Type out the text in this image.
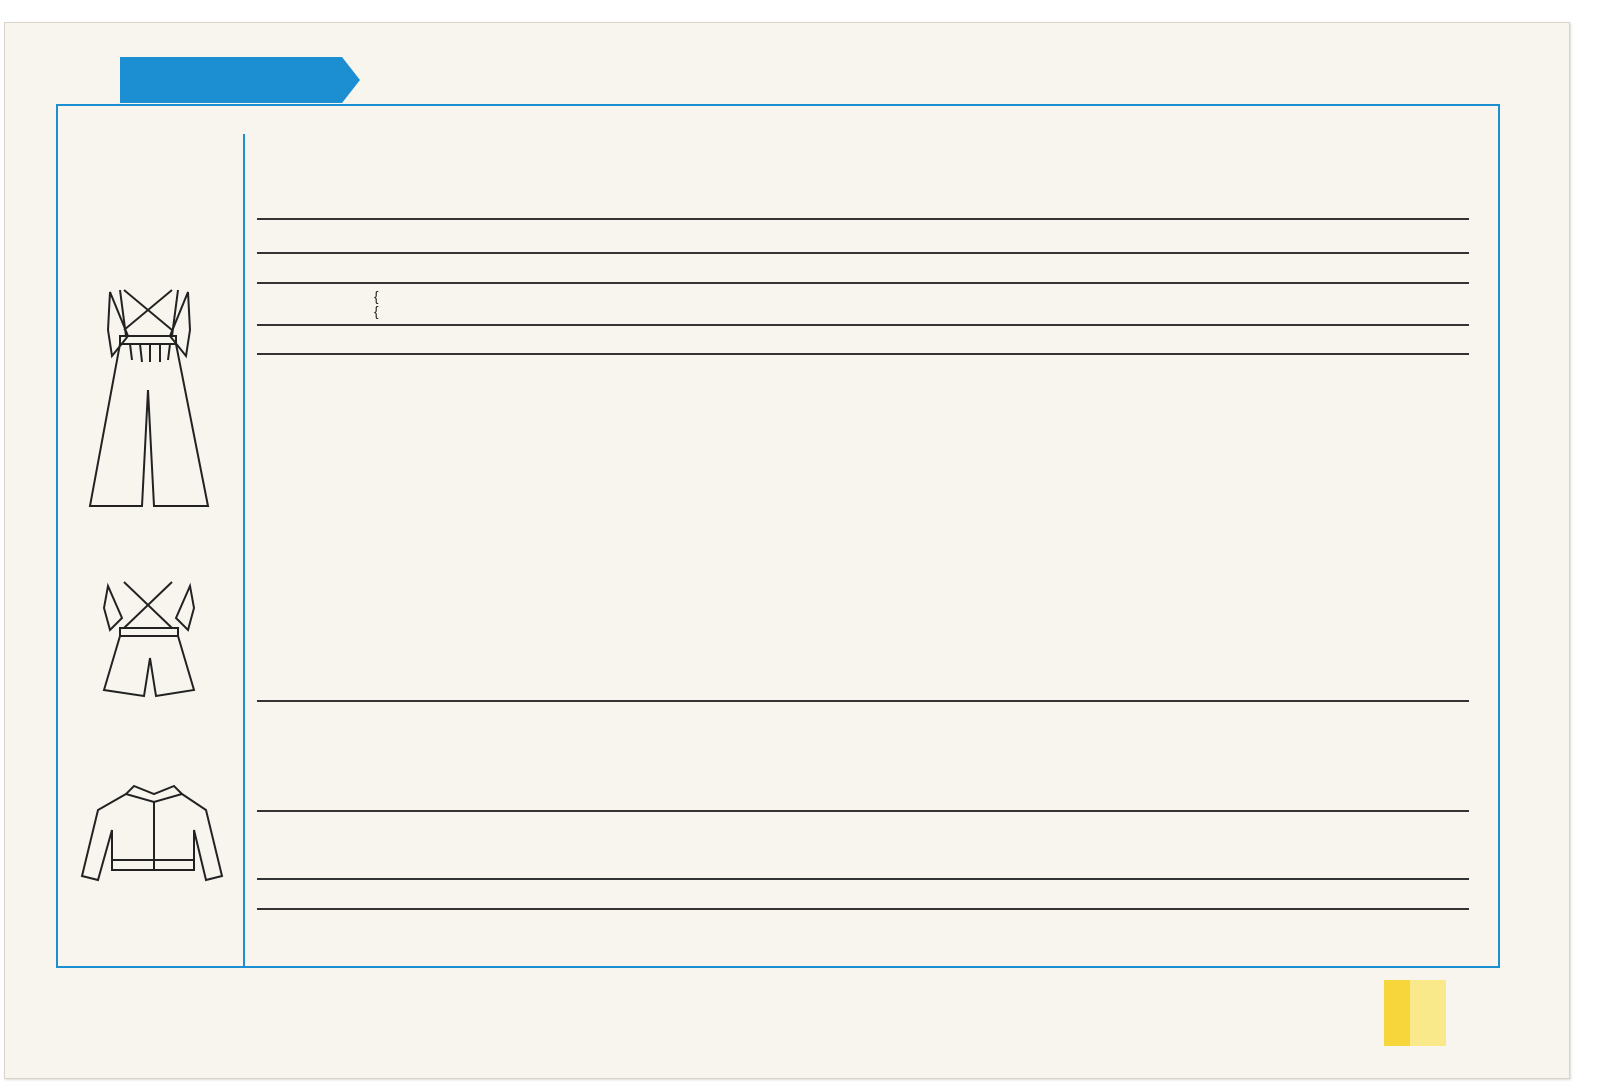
{
{
